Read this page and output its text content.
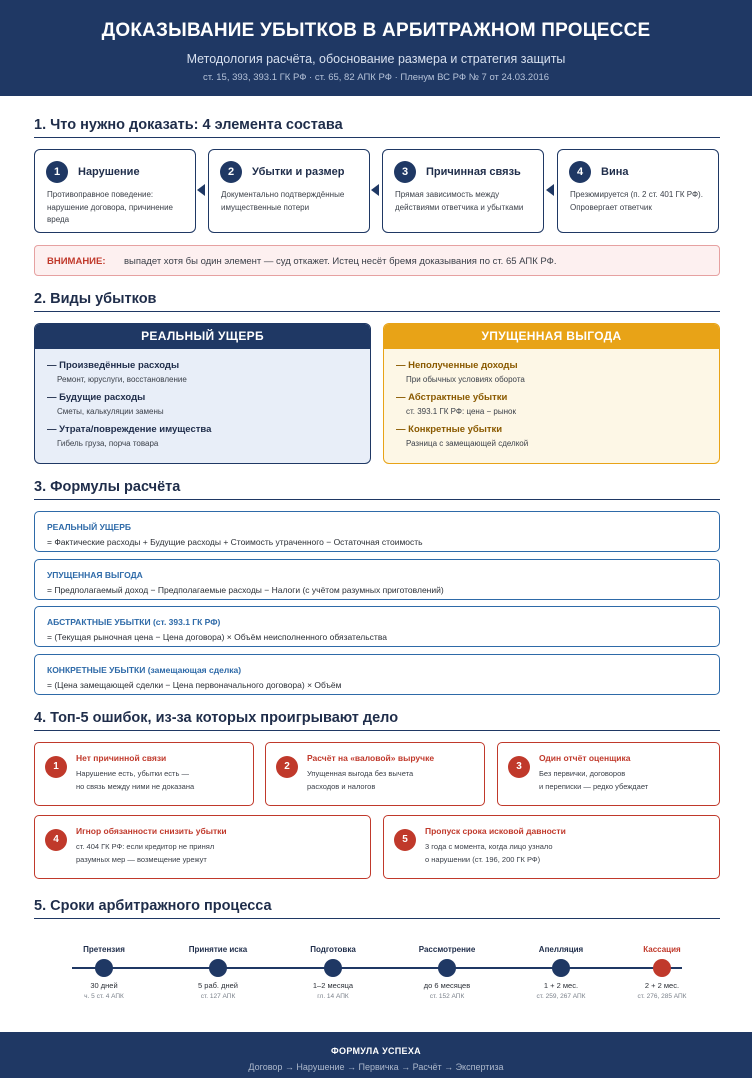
ДОКАЗЫВАНИЕ УБЫТКОВ В АРБИТРАЖНОМ ПРОЦЕССЕ
Методология расчёта, обоснование размера и стратегия защиты
ст. 15, 393, 393.1 ГК РФ · ст. 65, 82 АПК РФ · Пленум ВС РФ № 7 от 24.03.2016
1. Что нужно доказать: 4 элемента состава
1	Нарушение
Противоправное поведение: нарушение договора, причинение вреда
2	Убытки и размер
Документально подтверждённые имущественные потери
3	Причинная связь
Прямая зависимость между действиями ответчика и убытками
4	Вина
Презюмируется (п. 2 ст. 401 ГК РФ). Опровергает ответчик
ВНИМАНИЕ: выпадет хотя бы один элемент — суд откажет. Истец несёт бремя доказывания по ст. 65 АПК РФ.
2. Виды убытков
РЕАЛЬНЫЙ УЩЕРБ
— Произведённые расходы
Ремонт, юруслуги, восстановление
— Будущие расходы
Сметы, калькуляции замены
— Утрата/повреждение имущества
Гибель груза, порча товара
УПУЩЕННАЯ ВЫГОДА
— Неполученные доходы
При обычных условиях оборота
— Абстрактные убытки
ст. 393.1 ГК РФ: цена − рынок
— Конкретные убытки
Разница с замещающей сделкой
3. Формулы расчёта
РЕАЛЬНЫЙ УЩЕРБ
= Фактические расходы + Будущие расходы + Стоимость утраченного − Остаточная стоимость
УПУЩЕННАЯ ВЫГОДА
= Предполагаемый доход − Предполагаемые расходы − Налоги (с учётом разумных приготовлений)
АБСТРАКТНЫЕ УБЫТКИ (ст. 393.1 ГК РФ)
= (Текущая рыночная цена − Цена договора) × Объём неисполненного обязательства
КОНКРЕТНЫЕ УБЫТКИ (замещающая сделка)
= (Цена замещающей сделки − Цена первоначального договора) × Объём
4. Топ-5 ошибок, из-за которых проигрывают дело
1
Нет причинной связи
Нарушение есть, убытки есть —
но связь между ними не доказана
2
Расчёт на «валовой» выручке
Упущенная выгода без вычета
расходов и налогов
3
Один отчёт оценщика
Без первички, договоров
и переписки — редко убеждает
4
Игнор обязанности снизить убытки
ст. 404 ГК РФ: если кредитор не принял
разумных мер — возмещение урежут
5
Пропуск срока исковой давности
3 года с момента, когда лицо узнало
о нарушении (ст. 196, 200 ГК РФ)
5. Сроки арбитражного процесса
Претензия
30 дней
ч. 5 ст. 4 АПК
Принятие иска
5 раб. дней
ст. 127 АПК
Подготовка
1–2 месяца
гл. 14 АПК
Рассмотрение
до 6 месяцев
ст. 152 АПК
Апелляция
1 + 2 мес.
ст. 259, 267 АПК
Кассация
2 + 2 мес.
ст. 276, 285 АПК
ФОРМУЛА УСПЕХА
Договор → Нарушение → Первичка → Расчёт → Экспертиза
